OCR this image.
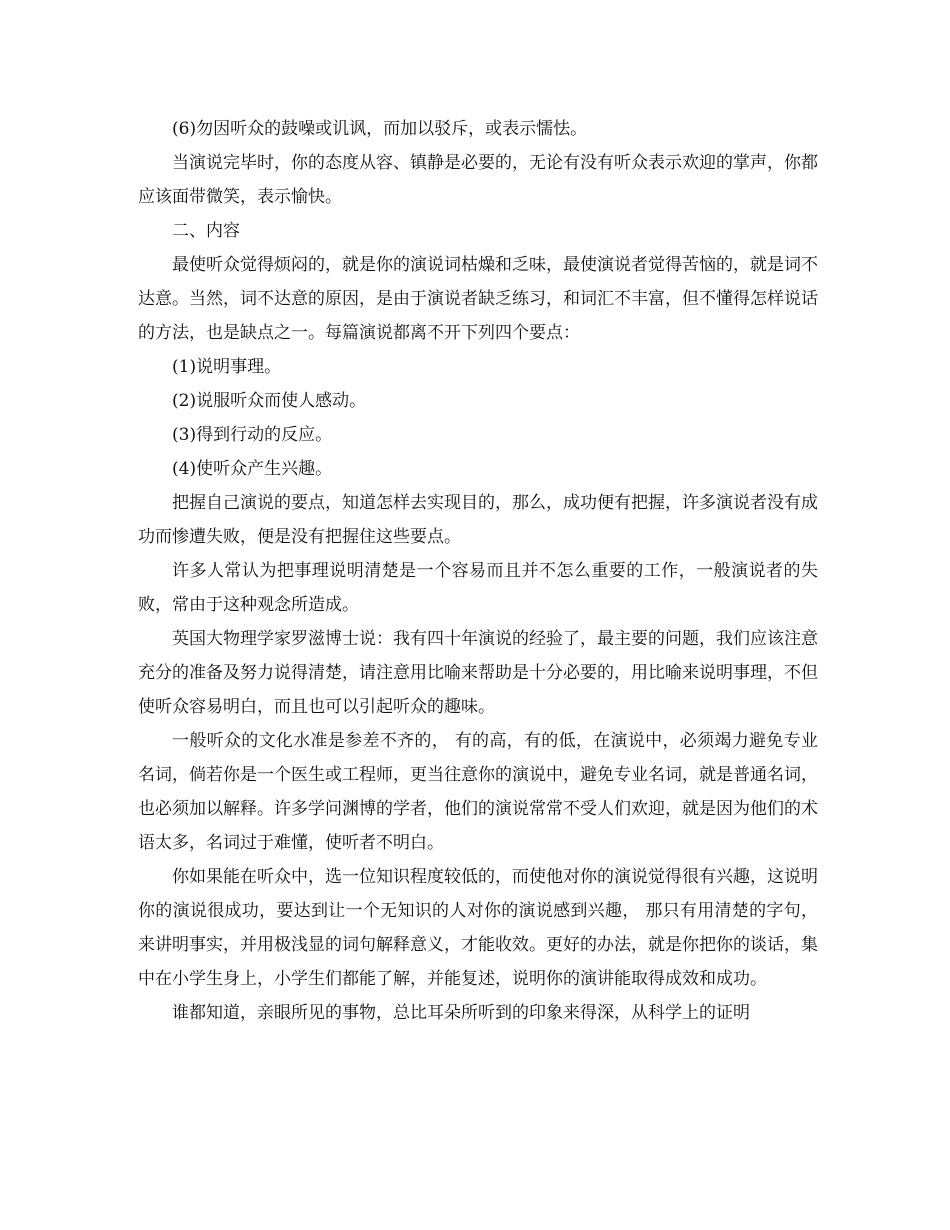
(6)勿因听众的鼓噪或讥讽，而加以驳斥，或表示懦怯。

当演说完毕时，你的态度从容、镇静是必要的，无论有没有听众表示欢迎的掌声，你都应该面带微笑，表示愉快。

二、内容

最使听众觉得烦闷的，就是你的演说词枯燥和乏味，最使演说者觉得苦恼的，就是词不达意。当然，词不达意的原因，是由于演说者缺乏练习，和词汇不丰富，但不懂得怎样说话的方法，也是缺点之一。每篇演说都离不开下列四个要点：

(1)说明事理。

(2)说服听众而使人感动。

(3)得到行动的反应。

(4)使听众产生兴趣。

把握自己演说的要点，知道怎样去实现目的，那么，成功便有把握，许多演说者没有成功而惨遭失败，便是没有把握住这些要点。

许多人常认为把事理说明清楚是一个容易而且并不怎么重要的工作，一般演说者的失败，常由于这种观念所造成。

英国大物理学家罗滋博士说：我有四十年演说的经验了，最主要的问题，我们应该注意充分的准备及努力说得清楚，请注意用比喻来帮助是十分必要的，用比喻来说明事理，不但使听众容易明白，而且也可以引起听众的趣味。

一般听众的文化水准是参差不齐的， 有的高，有的低，在演说中，必须竭力避免专业名词，倘若你是一个医生或工程师，更当往意你的演说中，避免专业名词，就是普通名词，也必须加以解释。许多学问渊博的学者，他们的演说常常不受人们欢迎，就是因为他们的术语太多，名词过于难懂，使听者不明白。

你如果能在听众中，选一位知识程度较低的，而使他对你的演说觉得很有兴趣，这说明你的演说很成功，要达到让一个无知识的人对你的演说感到兴趣， 那只有用清楚的字句，来讲明事实，并用极浅显的词句解释意义，才能收效。更好的办法，就是你把你的谈话，集中在小学生身上，小学生们都能了解，并能复述，说明你的演讲能取得成效和成功。

谁都知道，亲眼所见的事物，总比耳朵所听到的印象来得深，从科学上的证明
